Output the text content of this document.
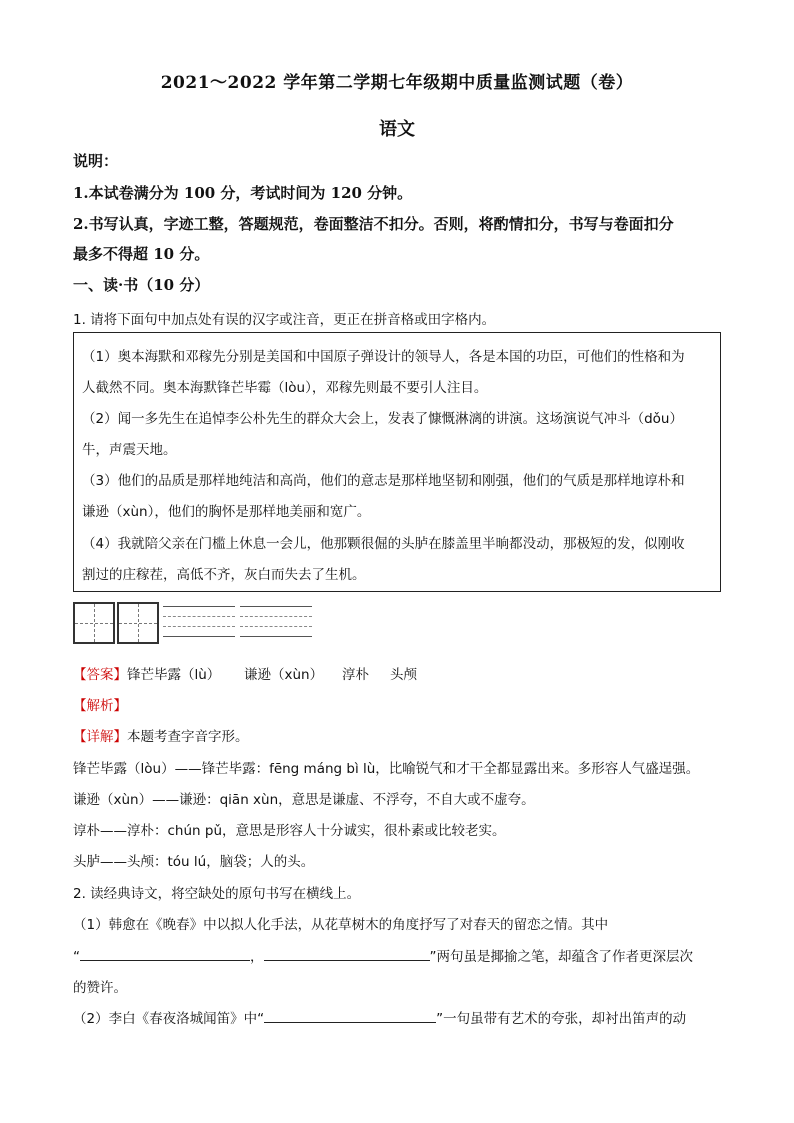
2021～2022 学年第二学期七年级期中质量监测试题（卷）
语文
说明：
1.本试卷满分为 100 分，考试时间为 120 分钟。
2.书写认真，字迹工整，答题规范，卷面整洁不扣分。否则，将酌情扣分，书写与卷面扣分
最多不得超 10 分。
一、读·书（10 分）
1. 请将下面句中加点处有误的汉字或注音，更正在拼音格或田字格内。
（1）奥本海默和邓稼先分别是美国和中国原子弹设计的领导人，各是本国的功臣，可他们的性格和为
人截然不同。奥本海默锋芒毕霉（lòu），邓稼先则最不要引人注目。
（2）闻一多先生在追悼李公朴先生的群众大会上，发表了慷慨淋漓的讲演。这场演说气冲斗（dǒu）
牛，声震天地。
（3）他们的品质是那样地纯洁和高尚，他们的意志是那样地坚韧和刚强，他们的气质是那样地谆朴和
谦逊（xùn），他们的胸怀是那样地美丽和宽广。
（4）我就陪父亲在门槛上休息一会儿，他那颗很倔的头胪在膝盖里半晌都没动，那极短的发，似刚收
割过的庄稼茬，高低不齐，灰白而失去了生机。
【答案】锋芒毕露（lù） 谦逊（xùn） 淳朴 头颅
【解析】
【详解】本题考查字音字形。
锋芒毕露（lòu）——锋芒毕露：fēng máng bì lù，比喻锐气和才干全都显露出来。多形容人气盛逞强。
谦逊（xùn）——谦逊：qiān xùn，意思是谦虚、不浮夸，不自大或不虚夸。
谆朴——淳朴：chún pǔ，意思是形容人十分诚实，很朴素或比较老实。
头胪——头颅：tóu lú，脑袋；人的头。
2. 读经典诗文，将空缺处的原句书写在横线上。
（1）韩愈在《晚春》中以拟人化手法，从花草树木的角度抒写了对春天的留恋之情。其中
“	，	”两句虽是揶揄之笔，却蕴含了作者更深层次
的赞许。
（2）李白《春夜洛城闻笛》中“	”一句虽带有艺术的夸张，却衬出笛声的动
